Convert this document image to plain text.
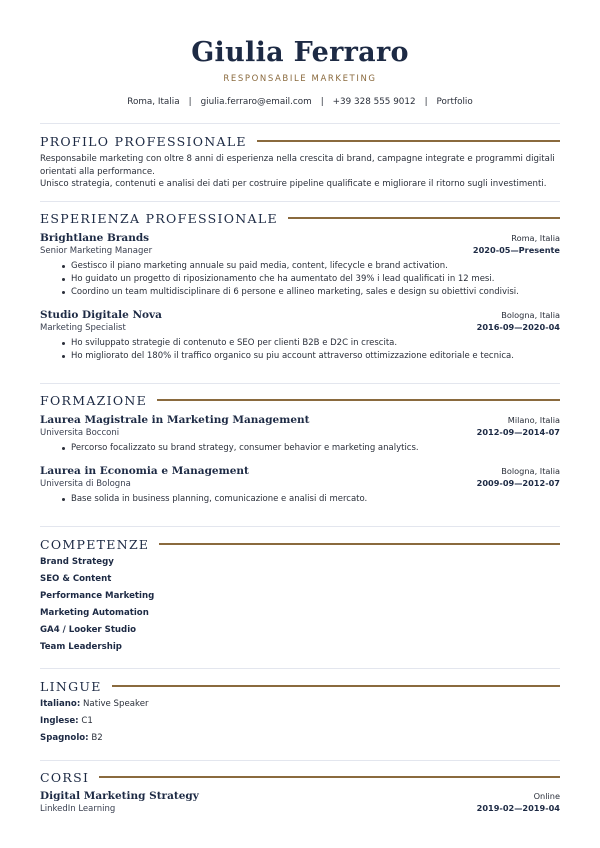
Giulia Ferraro
RESPONSABILE MARKETING
Roma, Italia | giulia.ferraro@email.com | +39 328 555 9012 | Portfolio
PROFILO PROFESSIONALE
Responsabile marketing con oltre 8 anni di esperienza nella crescita di brand, campagne integrate e programmi digitali orientati alla performance.
Unisco strategia, contenuti e analisi dei dati per costruire pipeline qualificate e migliorare il ritorno sugli investimenti.
ESPERIENZA PROFESSIONALE
Brightlane Brands	Roma, Italia
Senior Marketing Manager	2020-05—Presente
Gestisco il piano marketing annuale su paid media, content, lifecycle e brand activation.
Ho guidato un progetto di riposizionamento che ha aumentato del 39% i lead qualificati in 12 mesi.
Coordino un team multidisciplinare di 6 persone e allineo marketing, sales e design su obiettivi condivisi.
Studio Digitale Nova	Bologna, Italia
Marketing Specialist	2016-09—2020-04
Ho sviluppato strategie di contenuto e SEO per clienti B2B e D2C in crescita.
Ho migliorato del 180% il traffico organico su piu account attraverso ottimizzazione editoriale e tecnica.
FORMAZIONE
Laurea Magistrale in Marketing Management	Milano, Italia
Universita Bocconi	2012-09—2014-07
Percorso focalizzato su brand strategy, consumer behavior e marketing analytics.
Laurea in Economia e Management	Bologna, Italia
Universita di Bologna	2009-09—2012-07
Base solida in business planning, comunicazione e analisi di mercato.
COMPETENZE
Brand Strategy
SEO & Content
Performance Marketing
Marketing Automation
GA4 / Looker Studio
Team Leadership
LINGUE
Italiano: Native Speaker
Inglese: C1
Spagnolo: B2
CORSI
Digital Marketing Strategy	Online
LinkedIn Learning	2019-02—2019-04
